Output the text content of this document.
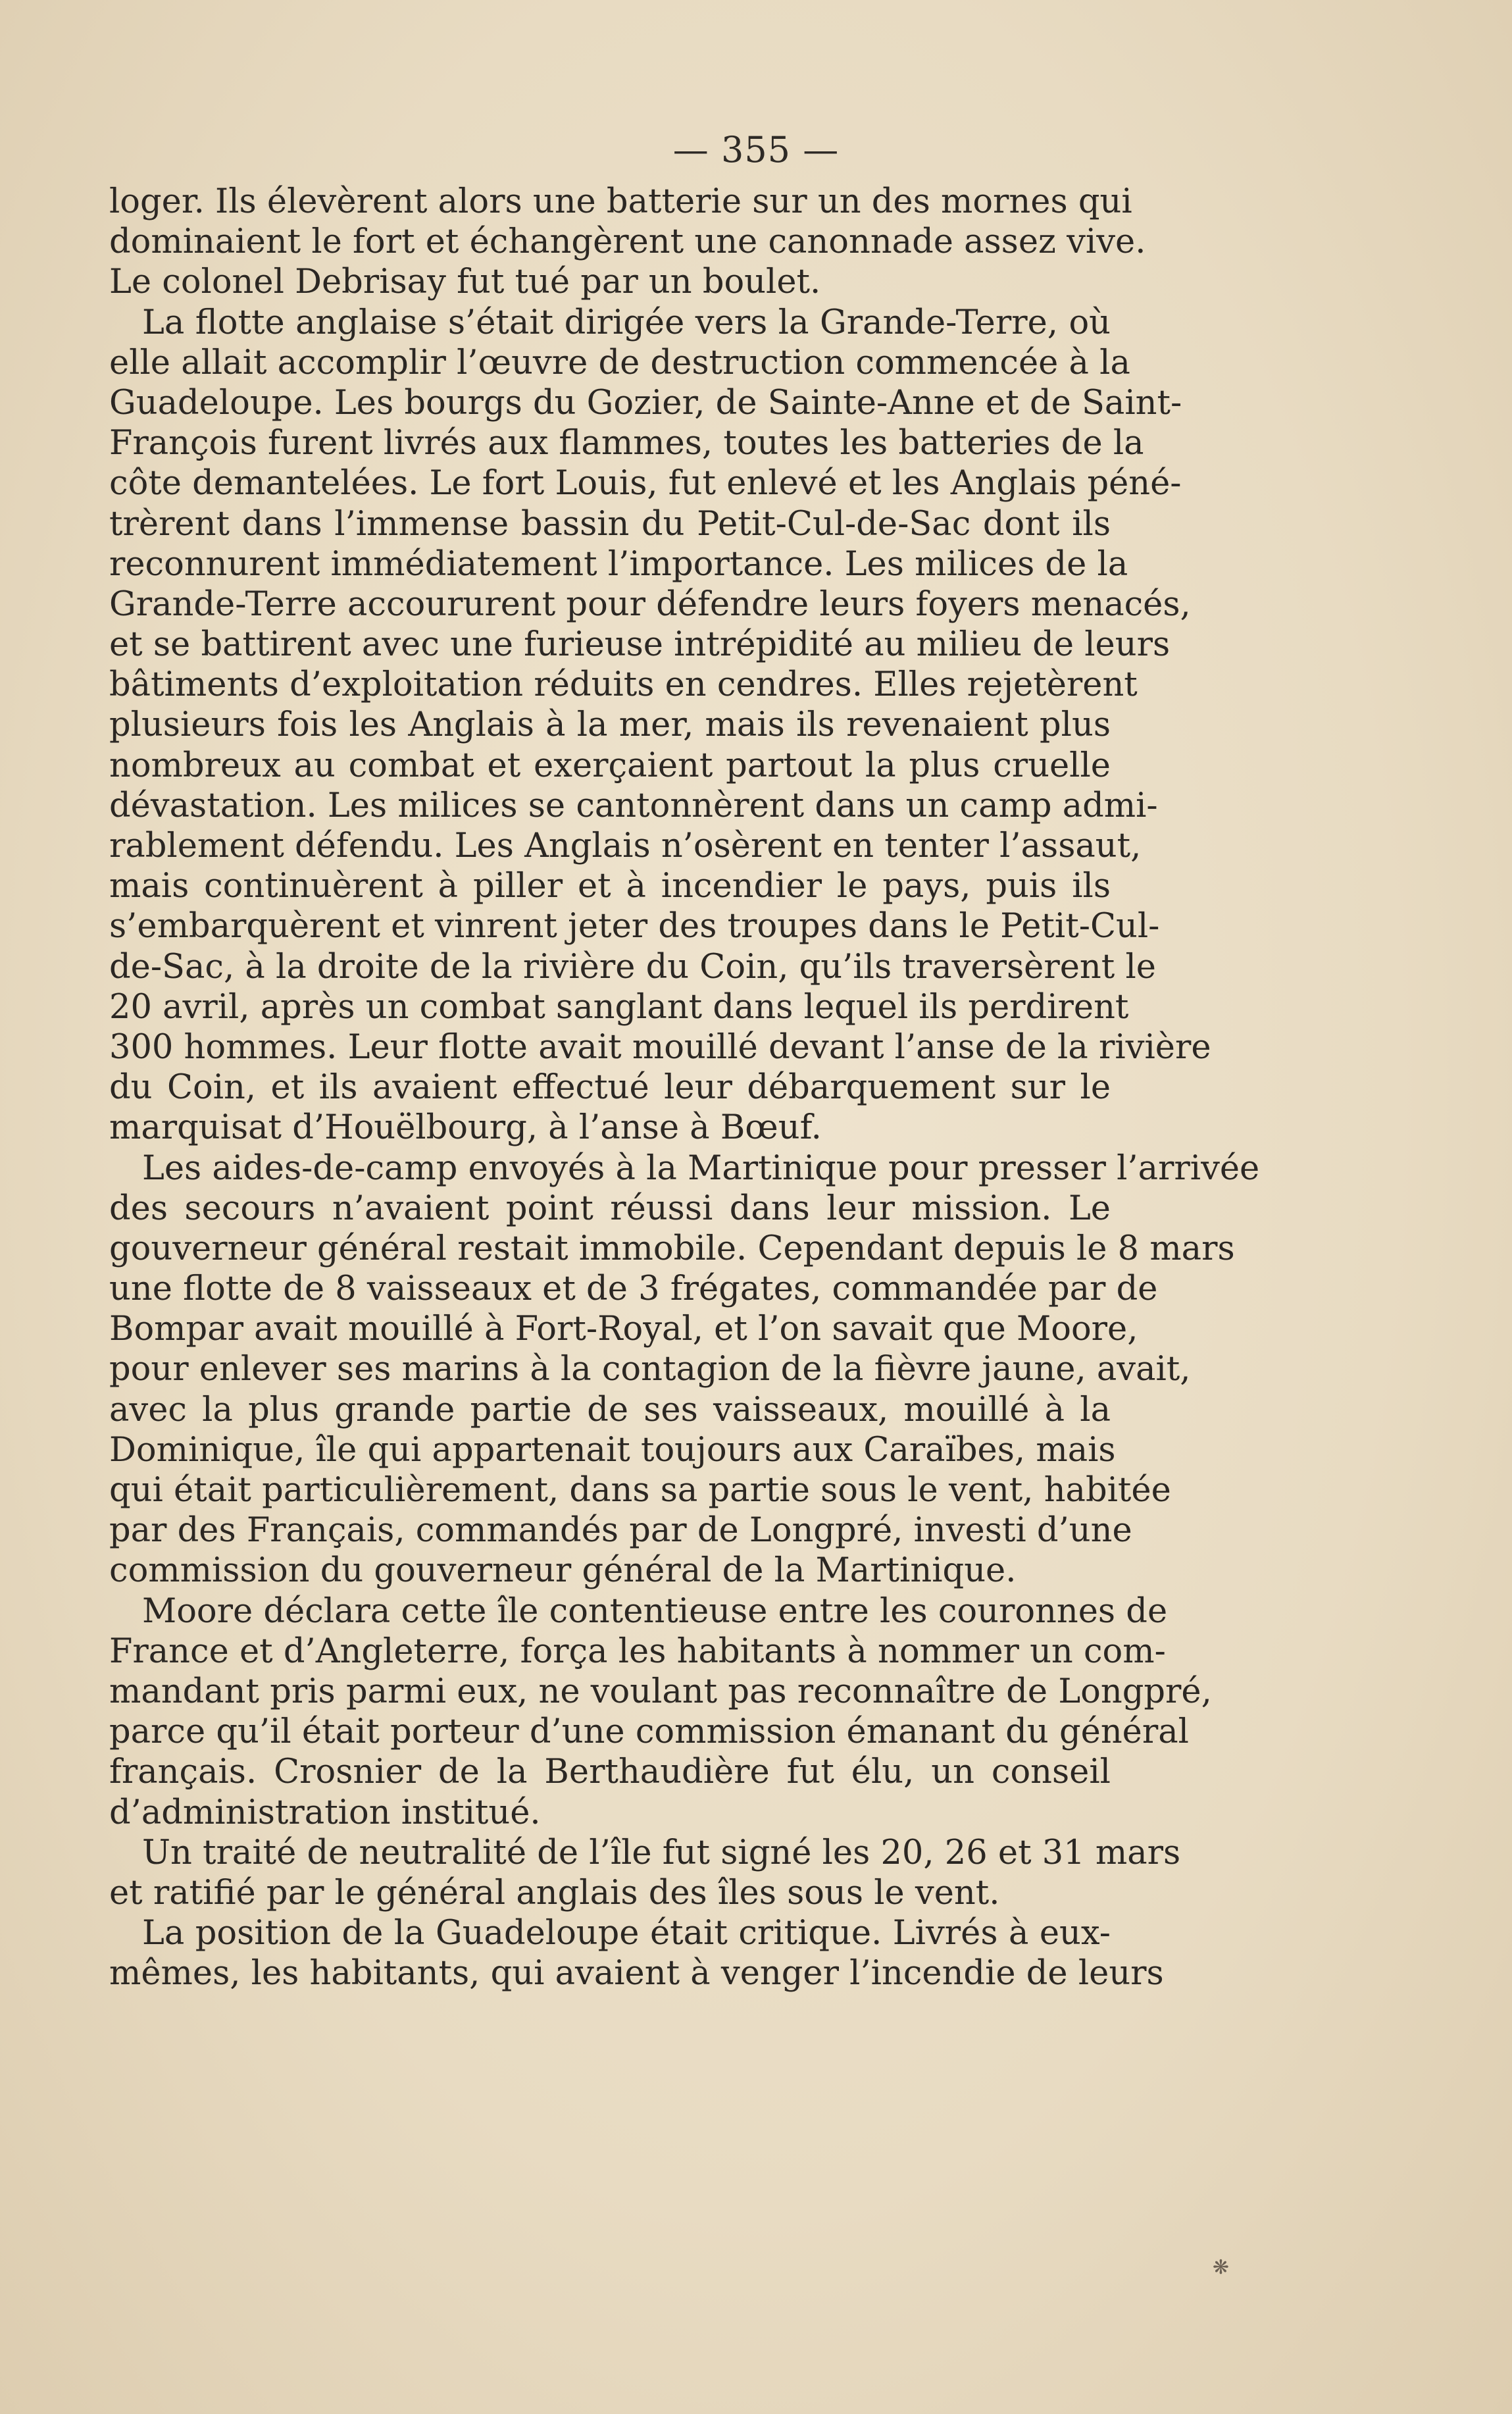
— 355 —
loger. Ils élevèrent alors une batterie sur un des mornes qui
dominaient le fort et échangèrent une canonnade assez vive.
Le colonel Debrisay fut tué par un boulet.
La flotte anglaise s’était dirigée vers la Grande-Terre, où
elle allait accomplir l’œuvre de destruction commencée à la
Guadeloupe. Les bourgs du Gozier, de Sainte-Anne et de Saint-
François furent livrés aux flammes, toutes les batteries de la
côte demantelées. Le fort Louis, fut enlevé et les Anglais péné-
trèrent dans l’immense bassin du Petit-Cul-de-Sac dont ils
reconnurent immédiatement l’importance. Les milices de la
Grande-Terre accoururent pour défendre leurs foyers menacés,
et se battirent avec une furieuse intrépidité au milieu de leurs
bâtiments d’exploitation réduits en cendres. Elles rejetèrent
plusieurs fois les Anglais à la mer, mais ils revenaient plus
nombreux au combat et exerçaient partout la plus cruelle
dévastation. Les milices se cantonnèrent dans un camp admi-
rablement défendu. Les Anglais n’osèrent en tenter l’assaut,
mais continuèrent à piller et à incendier le pays, puis ils
s’embarquèrent et vinrent jeter des troupes dans le Petit-Cul-
de-Sac, à la droite de la rivière du Coin, qu’ils traversèrent le
20 avril, après un combat sanglant dans lequel ils perdirent
300 hommes. Leur flotte avait mouillé devant l’anse de la rivière
du Coin, et ils avaient effectué leur débarquement sur le
marquisat d’Houëlbourg, à l’anse à Bœuf.
Les aides-de-camp envoyés à la Martinique pour presser l’arrivée
des secours n’avaient point réussi dans leur mission. Le
gouverneur général restait immobile. Cependant depuis le 8 mars
une flotte de 8 vaisseaux et de 3 frégates, commandée par de
Bompar avait mouillé à Fort-Royal, et l’on savait que Moore,
pour enlever ses marins à la contagion de la fièvre jaune, avait,
avec la plus grande partie de ses vaisseaux, mouillé à la
Dominique, île qui appartenait toujours aux Caraïbes, mais
qui était particulièrement, dans sa partie sous le vent, habitée
par des Français, commandés par de Longpré, investi d’une
commission du gouverneur général de la Martinique.
Moore déclara cette île contentieuse entre les couronnes de
France et d’Angleterre, força les habitants à nommer un com-
mandant pris parmi eux, ne voulant pas reconnaître de Longpré,
parce qu’il était porteur d’une commission émanant du général
français. Crosnier de la Berthaudière fut élu, un conseil
d’administration institué.
Un traité de neutralité de l’île fut signé les 20, 26 et 31 mars
et ratifié par le général anglais des îles sous le vent.
La position de la Guadeloupe était critique. Livrés à eux-
mêmes, les habitants, qui avaient à venger l’incendie de leurs
❋
